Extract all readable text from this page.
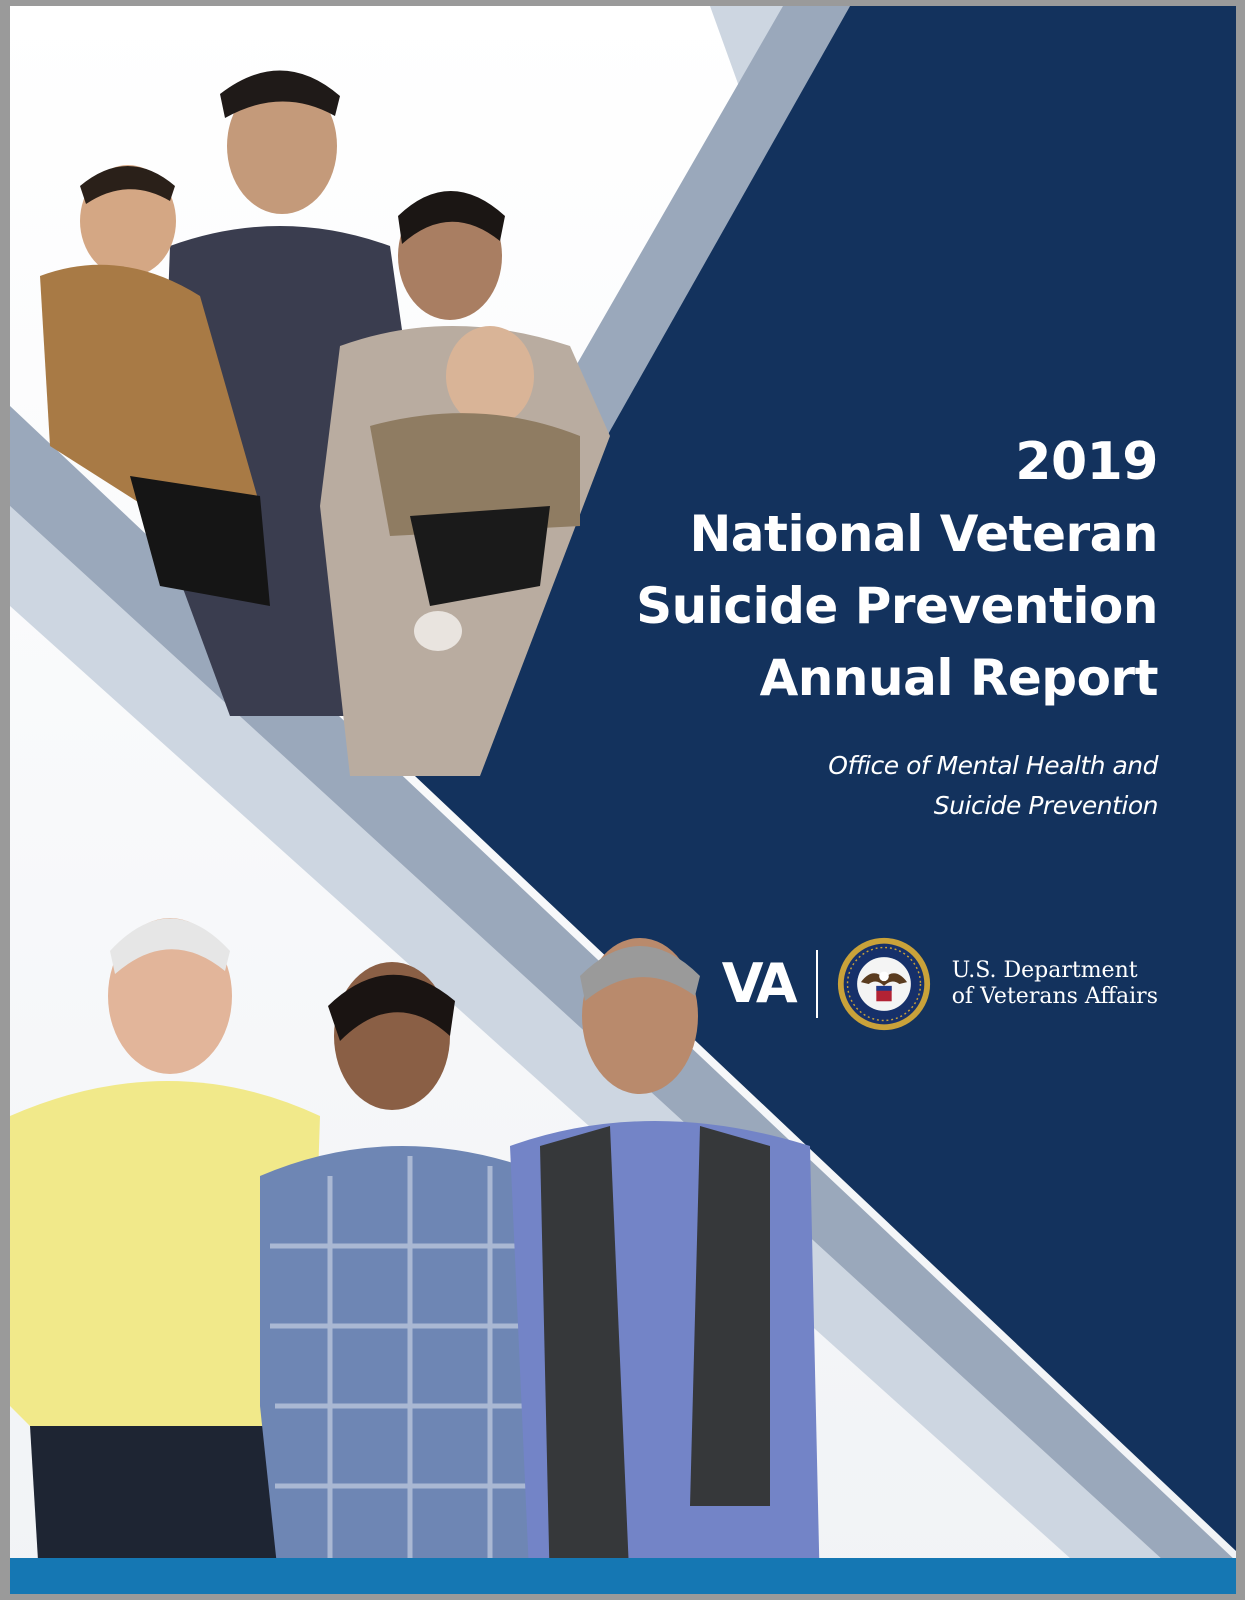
2019
National Veteran
Suicide Prevention
Annual Report
Office of Mental Health and
Suicide Prevention
VA	U.S. Department
of Veterans Affairs
